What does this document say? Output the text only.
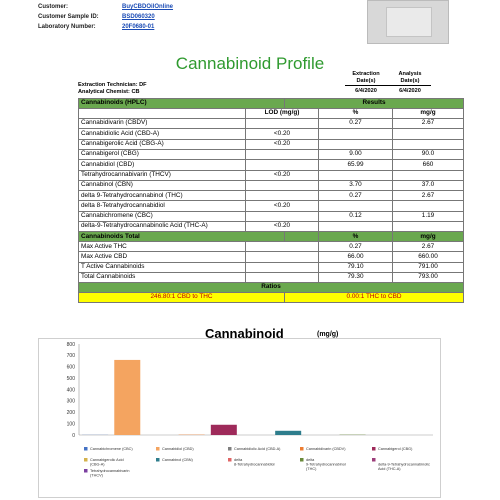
Customer:	BuyCBDOilOnline
Customer Sample ID:	BSD060320
Laboratory Number:	20F0680-01
Cannabinoid Profile
Extraction
Date(s)
Analysis
Date(s)
Extraction Technician: DF
Analytical Chemist: CB	6/4/2020	6/4/2020
Cannabinoids (HPLC)		Results		
	LOD (mg/g)		%	mg/g
Cannabidivarin (CBDV)			0.27	2.67
Cannabidiolic Acid (CBD-A)	<0.20			
Cannabigerolic Acid (CBG-A)	<0.20			
Cannabigerol (CBG)			9.00	90.0
Cannabidiol (CBD)			65.99	660
Tetrahydrocannabivarin (THCV)	<0.20			
Cannabinol (CBN)			3.70	37.0
delta 9-Tetrahydrocannabinol (THC)			0.27	2.67
delta 8-Tetrahydrocannabidiol	<0.20			
Cannabichromene (CBC)			0.12	1.19
delta-9-Tetrahydrocannabinolic Acid (THC-A)	<0.20			
Cannabinoids Total			%	mg/g
Max Active THC			0.27	2.67
Max Active CBD			66.00	660.00
T Active Cannabinoids			79.10	791.00
Total Cannabinoids			79.30	793.00
Ratios				
246.80:1 CBD to THC		0.00:1 THC to CBD		
Cannabinoid	(mg/g)
0
100
200
300
400
500
600
700
800
Cannabichromene (CBC)	Cannabidiol (CBD)	Cannabidiolic Acid (CBD-A)	Cannabidivarin (CBDV)	Cannabigerol (CBG)
Cannabigerolic Acid
(CBG-A)
Cannabinol (CBN)	delta
8-Tetrahydrocannabidiol
delta
9-Tetrahydrocannabinol
(THC)
delta-9-Tetrahydrocannabinolic
Acid (THC-A)
Tetrahydrocannabivarin
(THCV)
